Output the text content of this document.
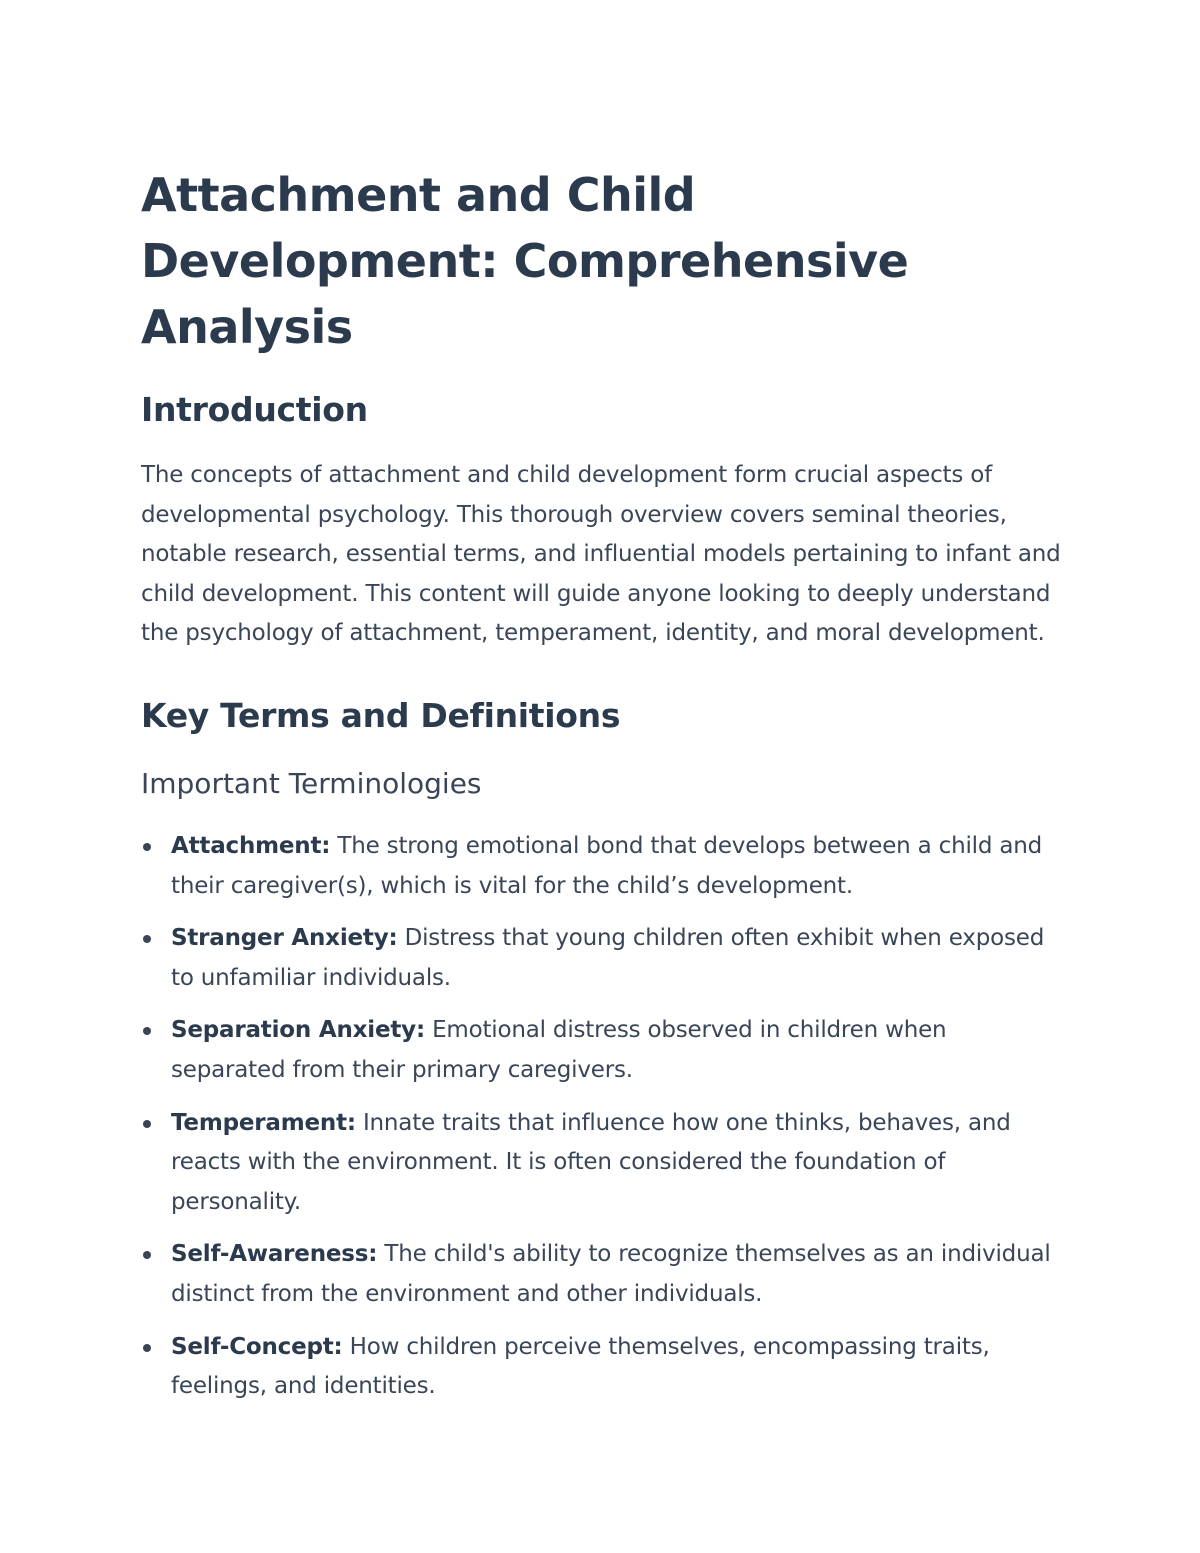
Attachment and Child Development: Comprehensive Analysis
Introduction

The concepts of attachment and child development form crucial aspects of developmental psychology. This thorough overview covers seminal theories, notable research, essential terms, and influential models pertaining to infant and child development. This content will guide anyone looking to deeply understand the psychology of attachment, temperament, identity, and moral development.

Key Terms and Definitions
Important Terminologies
Attachment: The strong emotional bond that develops between a child and their caregiver(s), which is vital for the child’s development.
Stranger Anxiety: Distress that young children often exhibit when exposed to unfamiliar individuals.
Separation Anxiety: Emotional distress observed in children when separated from their primary caregivers.
Temperament: Innate traits that influence how one thinks, behaves, and reacts with the environment. It is often considered the foundation of personality.
Self-Awareness: The child's ability to recognize themselves as an individual distinct from the environment and other individuals.
Self-Concept: How children perceive themselves, encompassing traits, feelings, and identities.
